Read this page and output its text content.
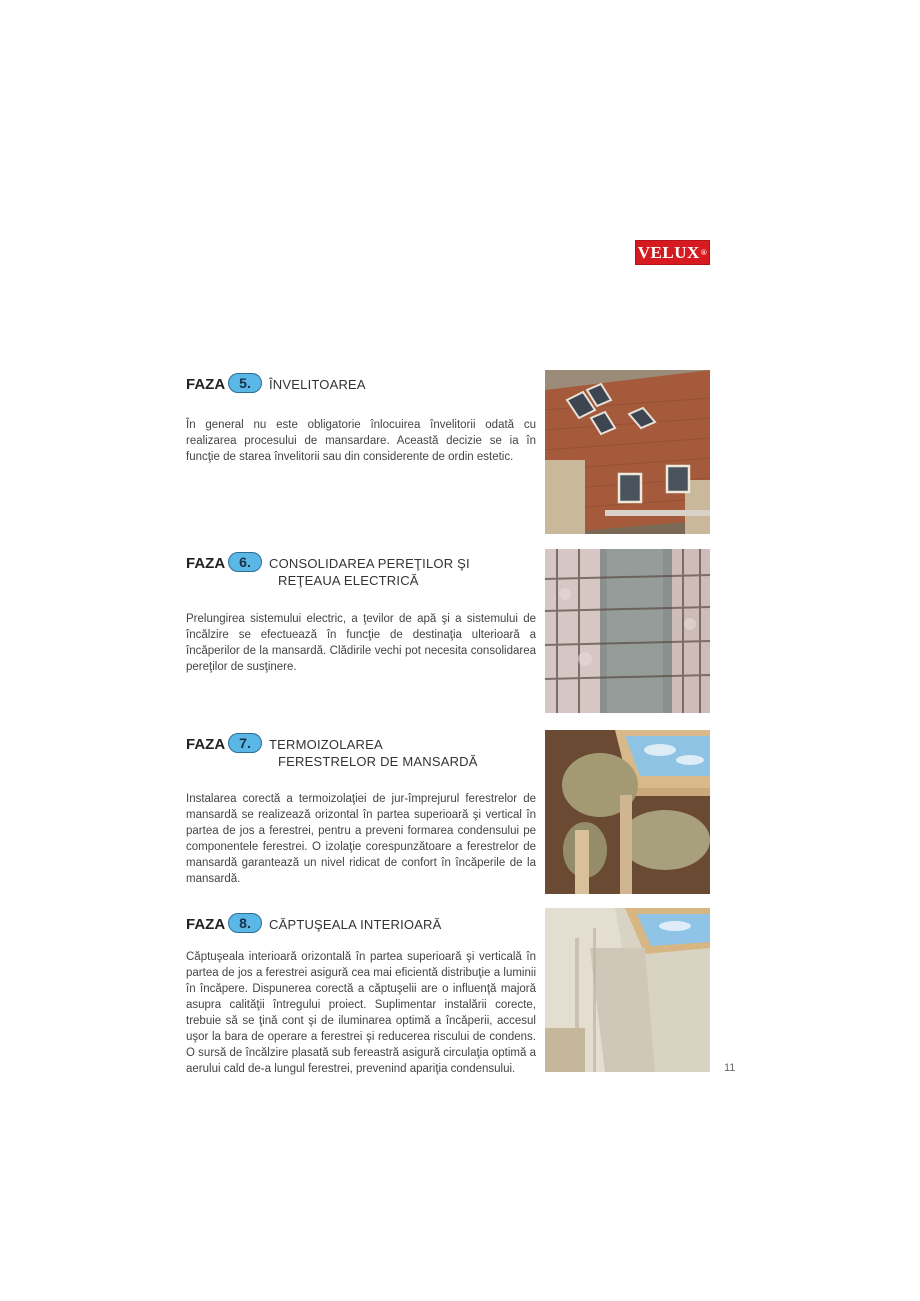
VELUX ®
FAZA 5.	ÎNVELITOAREA

În general nu este obligatorie înlocuirea învelitorii odată cu realizarea procesului de mansardare. Această decizie se ia în funcţie de starea învelitorii sau din considerente de ordin estetic.

FAZA 6.	CONSOLIDAREA PEREŢILOR ŞI
REŢEAUA ELECTRICĂ

Prelungirea sistemului electric, a ţevilor de apă şi a sistemului de încălzire se efectuează în funcţie de destinaţia ulterioară a încăperilor de la mansardă. Clădirile vechi pot necesita consolidarea pereţilor de susţinere.

FAZA 7.	TERMOIZOLAREA
FERESTRELOR DE MANSARDĂ

Instalarea corectă a termoizolaţiei de jur-împrejurul ferestrelor de mansardă se realizează orizontal în partea superioară şi vertical în partea de jos a ferestrei, pentru a preveni formarea condensului pe componentele ferestrei. O izolaţie corespunzătoare a ferestrelor de mansardă garantează un nivel ridicat de confort în încăperile de la mansardă.

FAZA 8.	CĂPTUŞEALA INTERIOARĂ

Căptuşeala interioară orizontală în partea superioară şi verticală în partea de jos a ferestrei asigură cea mai eficientă distribuţie a luminii în încăpere. Dispunerea corectă a căptuşelii are o influenţă majoră asupra calităţii întregului proiect. Suplimentar instalării corecte, trebuie să se ţină cont şi de iluminarea optimă a încăperii, accesul uşor la bara de operare a ferestrei şi reducerea riscului de condens. O sursă de încălzire plasată sub fereastră asigură circulaţia optimă a aerului cald de-a lungul ferestrei, prevenind apariţia condensului.	11
